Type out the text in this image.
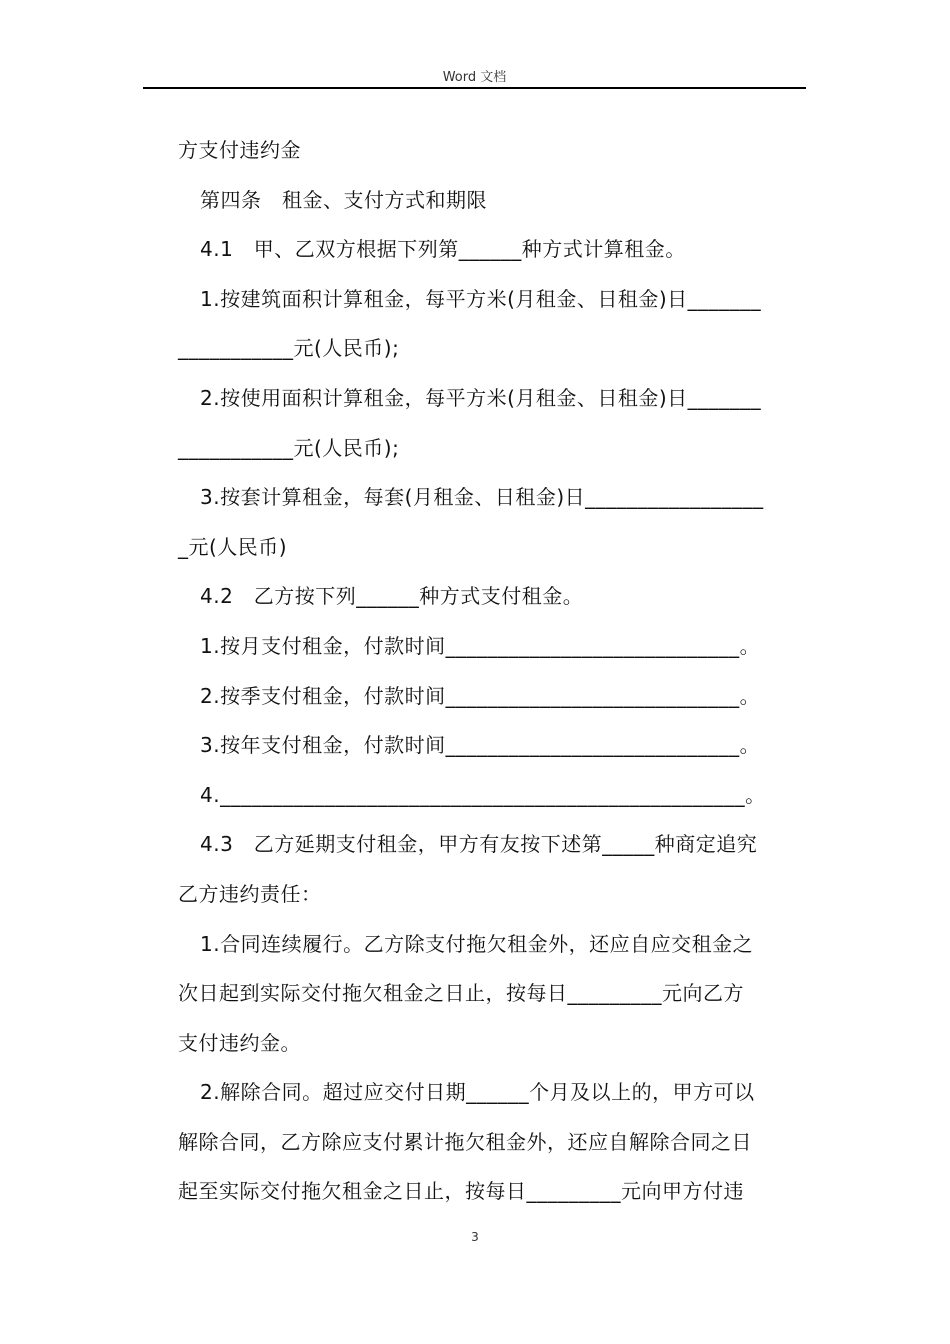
Word 文档

方支付违约金

第四条　租金、支付方式和期限

4.1　甲、乙双方根据下列第______种方式计算租金。

1.按建筑面积计算租金，每平方米(月租金、日租金)日_______

___________元(人民币);

2.按使用面积计算租金，每平方米(月租金、日租金)日_______

___________元(人民币);

3.按套计算租金，每套(月租金、日租金)日_________________

_元(人民币)

4.2　乙方按下列______种方式支付租金。

1.按月支付租金，付款时间____________________________。

2.按季支付租金，付款时间____________________________。

3.按年支付租金，付款时间____________________________。

4.__________________________________________________。

4.3　乙方延期支付租金，甲方有友按下述第_____种商定追究

乙方违约责任：

1.合同连续履行。乙方除支付拖欠租金外，还应自应交租金之

次日起到实际交付拖欠租金之日止，按每日_________元向乙方

支付违约金。

2.解除合同。超过应交付日期______个月及以上的，甲方可以

解除合同，乙方除应支付累计拖欠租金外，还应自解除合同之日

起至实际交付拖欠租金之日止，按每日_________元向甲方付违

3
